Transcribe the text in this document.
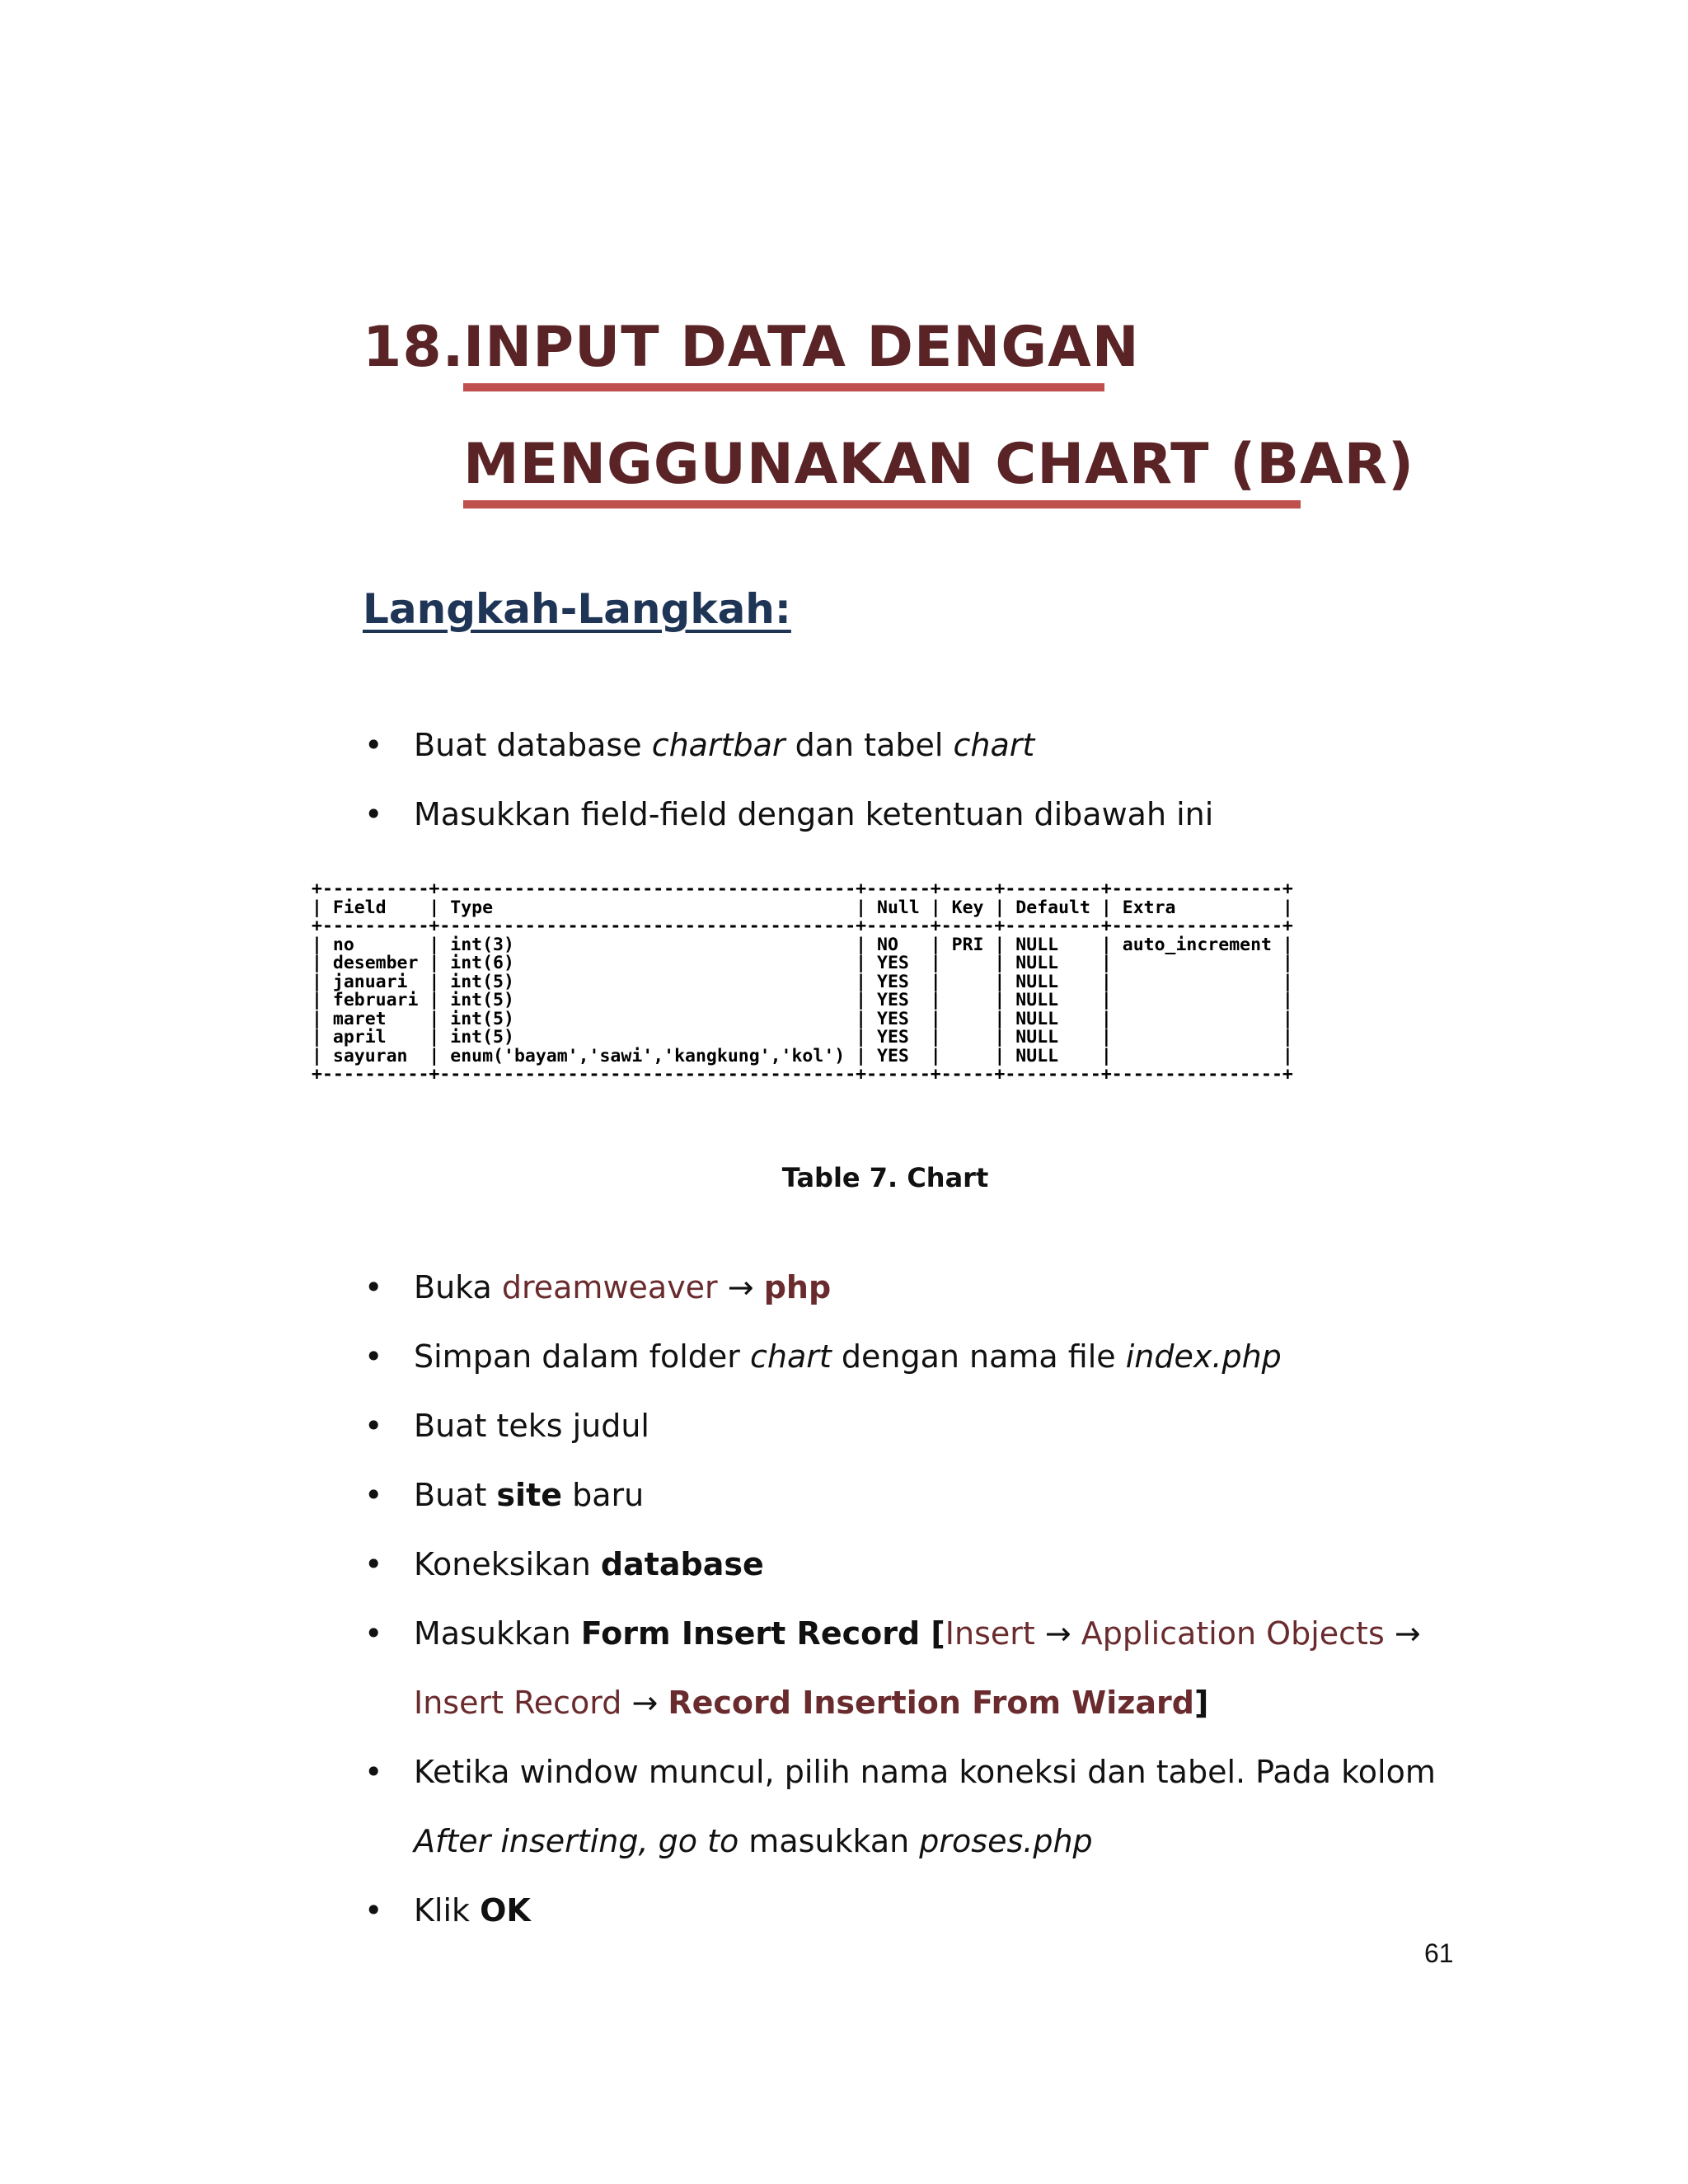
18.
INPUT DATA DENGAN
MENGGUNAKAN CHART (BAR)
Langkah-Langkah:
• Buat database chartbar dan tabel chart
• Masukkan field-field dengan ketentuan dibawah ini
+----------+---------------------------------------+------+-----+---------+----------------+
| Field    | Type                                  | Null | Key | Default | Extra          |
+----------+---------------------------------------+------+-----+---------+----------------+
| no       | int(3)                                | NO   | PRI | NULL    | auto_increment |
| desember | int(6)                                | YES  |     | NULL    |                |
| januari  | int(5)                                | YES  |     | NULL    |                |
| februari | int(5)                                | YES  |     | NULL    |                |
| maret    | int(5)                                | YES  |     | NULL    |                |
| april    | int(5)                                | YES  |     | NULL    |                |
| sayuran  | enum('bayam','sawi','kangkung','kol') | YES  |     | NULL    |                |
+----------+---------------------------------------+------+-----+---------+----------------+
Table 7. Chart
• Buka dreamweaver → php
• Simpan dalam folder chart dengan nama file index.php
• Buat teks judul
• Buat site baru
• Koneksikan database
• Masukkan Form Insert Record [Insert → Application Objects →
Insert Record → Record Insertion From Wizard]
• Ketika window muncul, pilih nama koneksi dan tabel. Pada kolom
After inserting, go to masukkan proses.php
• Klik OK
61
